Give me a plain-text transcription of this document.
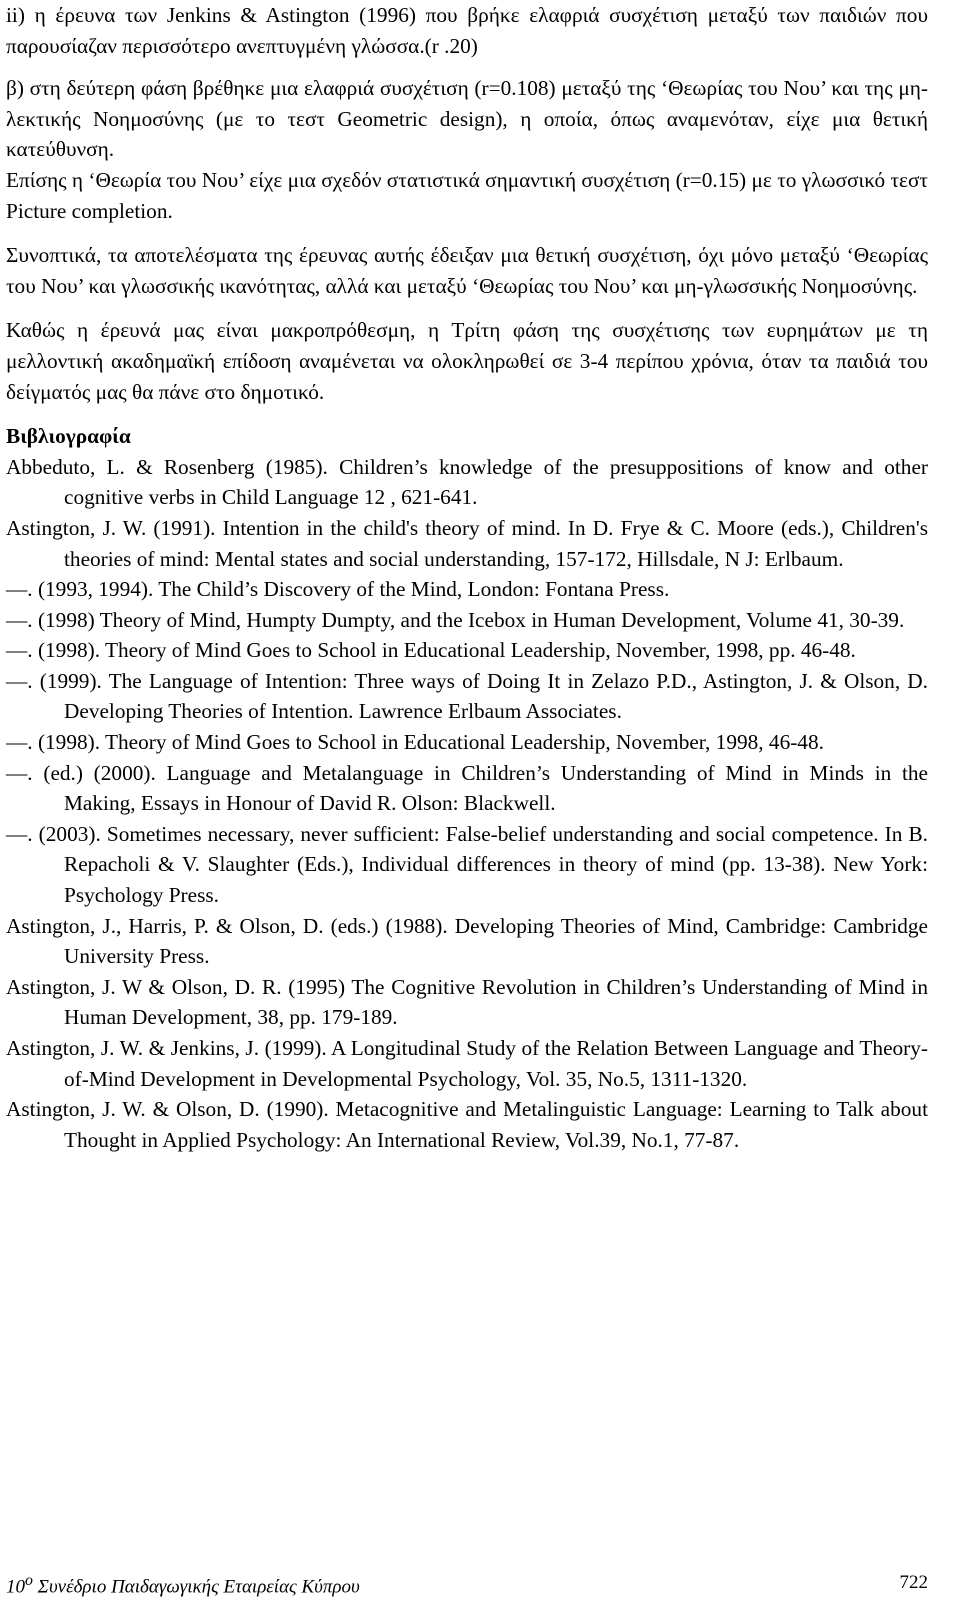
ii) η έρευνα των Jenkins & Astington (1996) που βρήκε ελαφριά συσχέτιση μεταξύ των παιδιών που παρουσίαζαν περισσότερο ανεπτυγμένη γλώσσα.(r .20)

β) στη δεύτερη φάση βρέθηκε μια ελαφριά συσχέτιση (r=0.108) μεταξύ της ‘Θεωρίας του Νου’ και της μη-λεκτικής Νοημοσύνης (με το τεστ Geometric design), η οποία, όπως αναμενόταν, είχε μια θετική κατεύθυνση.

Επίσης η ‘Θεωρία του Νου’ είχε μια σχεδόν στατιστικά σημαντική συσχέτιση (r=0.15) με το γλωσσικό τεστ Picture completion.

Συνοπτικά, τα αποτελέσματα της έρευνας αυτής έδειξαν μια θετική συσχέτιση, όχι μόνο μεταξύ ‘Θεωρίας του Νου’ και γλωσσικής ικανότητας, αλλά και μεταξύ ‘Θεωρίας του Νου’ και μη-γλωσσικής Νοημοσύνης.

Καθώς η έρευνά μας είναι μακροπρόθεσμη, η Τρίτη φάση της συσχέτισης των ευρημάτων με τη μελλοντική ακαδημαϊκή επίδοση αναμένεται να ολοκληρωθεί σε 3-4 περίπου χρόνια, όταν τα παιδιά του δείγματός μας θα πάνε στο δημοτικό.

Βιβλιογραφία

Abbeduto, L. & Rosenberg (1985). Children’s knowledge of the presuppositions of know and other cognitive verbs in Child Language 12 , 621-641.

Astington, J. W. (1991). Intention in the child's theory of mind. In D. Frye & C. Moore (eds.), Children's theories of mind: Mental states and social understanding, 157-172, Hillsdale, N J: Erlbaum.

—. (1993, 1994). The Child’s Discovery of the Mind, London: Fontana Press.

—. (1998) Theory of Mind, Humpty Dumpty, and the Icebox in Human Development, Volume 41, 30-39.

—. (1998). Theory of Mind Goes to School in Educational Leadership, November, 1998, pp. 46-48.

—. (1999). The Language of Intention: Three ways of Doing It in Zelazo P.D., Astington, J. & Olson, D. Developing Theories of Intention. Lawrence Erlbaum Associates.

—. (1998). Theory of Mind Goes to School in Educational Leadership, November, 1998, 46-48.

—. (ed.) (2000). Language and Metalanguage in Children’s Understanding of Mind in Minds in the Making, Essays in Honour of David R. Olson: Blackwell.

—. (2003). Sometimes necessary, never sufficient: False-belief understanding and social competence. In B. Repacholi & V. Slaughter (Eds.), Individual differences in theory of mind (pp. 13-38). New York: Psychology Press.

Astington, J., Harris, P. & Olson, D. (eds.) (1988). Developing Theories of Mind, Cambridge: Cambridge University Press.

Astington, J. W & Olson, D. R. (1995) The Cognitive Revolution in Children’s Understanding of Mind in Human Development, 38, pp. 179-189.

Astington, J. W. & Jenkins, J. (1999). A Longitudinal Study of the Relation Between Language and Theory-of-Mind Development in Developmental Psychology, Vol. 35, No.5, 1311-1320.

Astington, J. W. & Olson, D. (1990). Metacognitive and Metalinguistic Language: Learning to Talk about Thought in Applied Psychology: An International Review, Vol.39, No.1, 77-87.

$10^o$ Συνέδριο Παιδαγωγικής Εταιρείας Κύπρου	722
